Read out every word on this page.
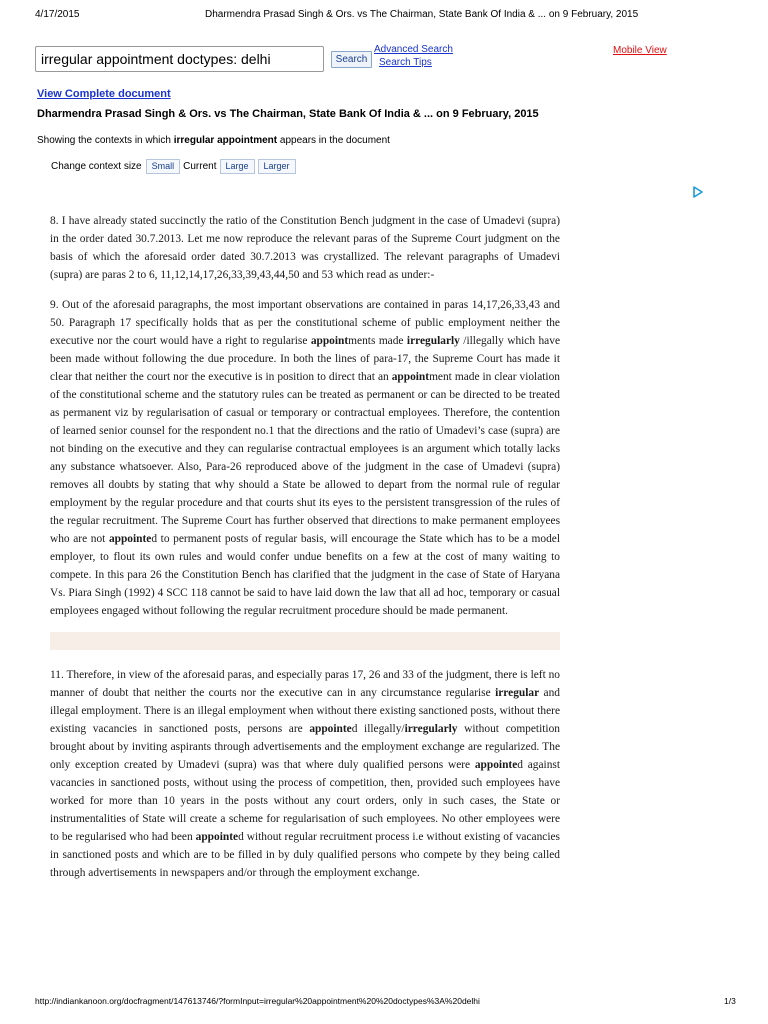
4/17/2015	Dharmendra Prasad Singh & Ors. vs The Chairman, State Bank Of India & ... on 9 February, 2015
irregular appointment doctypes: delhi	Search
Advanced Search
Search Tips
Mobile View
View Complete document
Dharmendra Prasad Singh & Ors. vs The Chairman, State Bank Of India & ... on 9 February, 2015
Showing the contexts in which irregular appointment appears in the document
Change context size	Small Current	Large	Larger

8. I have already stated succinctly the ratio of the Constitution Bench judgment in the case of Umadevi (supra) in the order dated 30.7.2013. Let me now reproduce the relevant paras of the Supreme Court judgment on the basis of which the aforesaid order dated 30.7.2013 was crystallized. The relevant paragraphs of Umadevi (supra) are paras 2 to 6, 11,12,14,17,26,33,39,43,44,50 and 53 which read as under:-

9. Out of the aforesaid paragraphs, the most important observations are contained in paras 14,17,26,33,43 and 50. Paragraph 17 specifically holds that as per the constitutional scheme of public employment neither the executive nor the court would have a right to regularise appointments made irregularly /illegally which have been made without following the due procedure. In both the lines of para-17, the Supreme Court has made it clear that neither the court nor the executive is in position to direct that an appointment made in clear violation of the constitutional scheme and the statutory rules can be treated as permanent or can be directed to be treated as permanent viz by regularisation of casual or temporary or contractual employees. Therefore, the contention of learned senior counsel for the respondent no.1 that the directions and the ratio of Umadevi’s case (supra) are not binding on the executive and they can regularise contractual employees is an argument which totally lacks any substance whatsoever. Also, Para-26 reproduced above of the judgment in the case of Umadevi (supra) removes all doubts by stating that why should a State be allowed to depart from the normal rule of regular employment by the regular procedure and that courts shut its eyes to the persistent transgression of the rules of the regular recruitment. The Supreme Court has further observed that directions to make permanent employees who are not appointed to permanent posts of regular basis, will encourage the State which has to be a model employer, to flout its own rules and would confer undue benefits on a few at the cost of many waiting to compete. In this para 26 the Constitution Bench has clarified that the judgment in the case of State of Haryana Vs. Piara Singh (1992) 4 SCC 118 cannot be said to have laid down the law that all ad hoc, temporary or casual employees engaged without following the regular recruitment procedure should be made permanent.

11. Therefore, in view of the aforesaid paras, and especially paras 17, 26 and 33 of the judgment, there is left no manner of doubt that neither the courts nor the executive can in any circumstance regularise irregular and illegal employment. There is an illegal employment when without there existing sanctioned posts, without there existing vacancies in sanctioned posts, persons are appointed illegally/irregularly without competition brought about by inviting aspirants through advertisements and the employment exchange are regularized. The only exception created by Umadevi (supra) was that where duly qualified persons were appointed against vacancies in sanctioned posts, without using the process of competition, then, provided such employees have worked for more than 10 years in the posts without any court orders, only in such cases, the State or instrumentalities of State will create a scheme for regularisation of such employees. No other employees were to be regularised who had been appointed without regular recruitment process i.e without existing of vacancies in sanctioned posts and which are to be filled in by duly qualified persons who compete by they being called through advertisements in newspapers and/or through the employment exchange.

http://indiankanoon.org/docfragment/147613746/?formInput=irregular%20appointment%20%20doctypes%3A%20delhi	1/3
